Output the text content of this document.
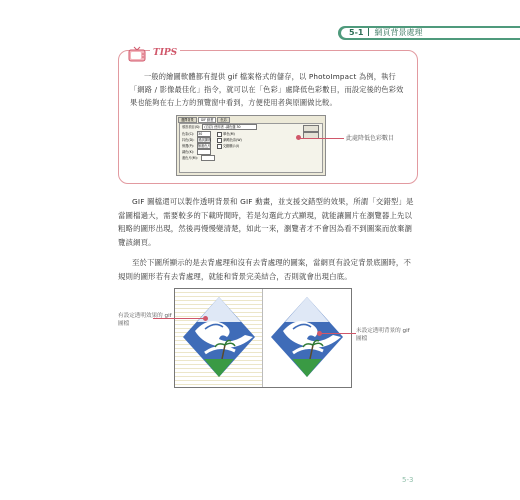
5-1 網頁背景處理
TIPS
一般的繪圖軟體都有提供 gif 檔案格式的儲存，以 PhotoImpact 為例，執行「網路 / 影像最佳化」指令，就可以在「色彩」處降低色彩數目，而設定後的色彩效果也能夠在右上方的預覽窗中看到，方便使用者與原圖做比較。
選擇背景	GIF 動畫	色彩
預設項目(S):	(自訂) 使用者 -調色盤 30
色彩(C):	30	單色(M)
抖色(D):	錯誤擴散	網路色彩(W)
保護(P):	無遮色片	交錯顯示(I)
調色(K):
遮色片(M):
此處降低色彩數目
GIF 圖檔還可以製作透明背景和 GIF 動畫，並支援交錯型的效果，所謂「交錯型」是當圖檔過大，需要較多的下載時間時，若是勾選此方式顯現，就能讓圖片在瀏覽器上先以粗略的圖形出現，然後再慢慢變清楚，如此一來，瀏覽者才不會因為看不到圖案而放棄瀏覽該網頁。
至於下圖所顯示的是去背處理和沒有去背處理的圖案，當網頁有設定背景底圖時，不規則的圖形若有去背處理，就能和背景完美結合，否則就會出現白底。
有設定透明效果的 gif 圖檔
未設定透明背景的 gif 圖檔
5-3
